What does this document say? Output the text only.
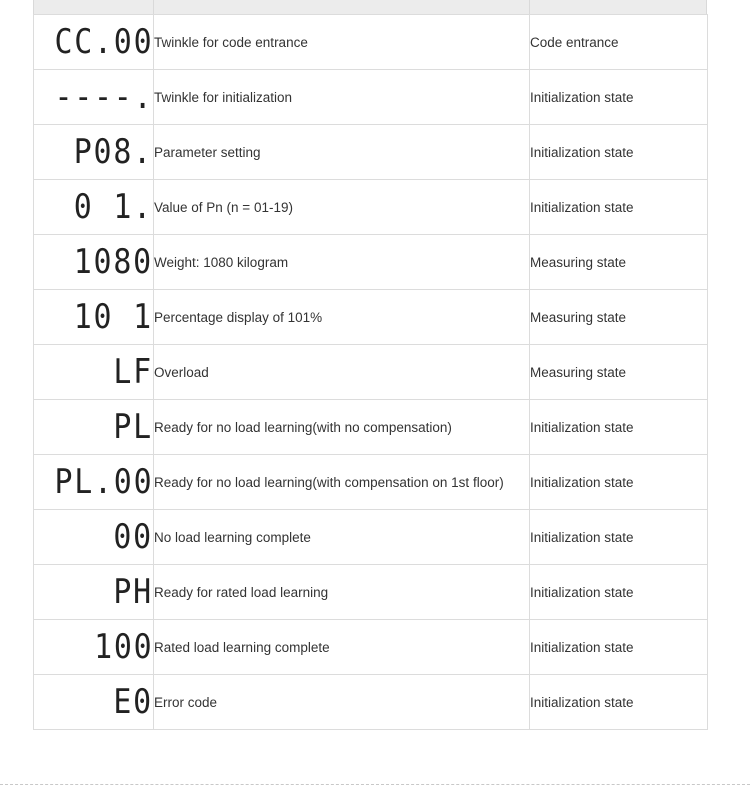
CC.00	Twinkle for code entrance	Code entrance
----.	Twinkle for initialization	Initialization state
P08.	Parameter setting	Initialization state
0 1.	Value of Pn (n = 01-19)	Initialization state
1080	Weight: 1080 kilogram	Measuring state
10 1	Percentage display of 101%	Measuring state
LF	Overload	Measuring state
PL	Ready for no load learning(with no compensation)	Initialization state
PL.00	Ready for no load learning(with compensation on 1st floor)	Initialization state
00	No load learning complete	Initialization state
PH	Ready for rated load learning	Initialization state
100	Rated load learning complete	Initialization state
E0	Error code	Initialization state
